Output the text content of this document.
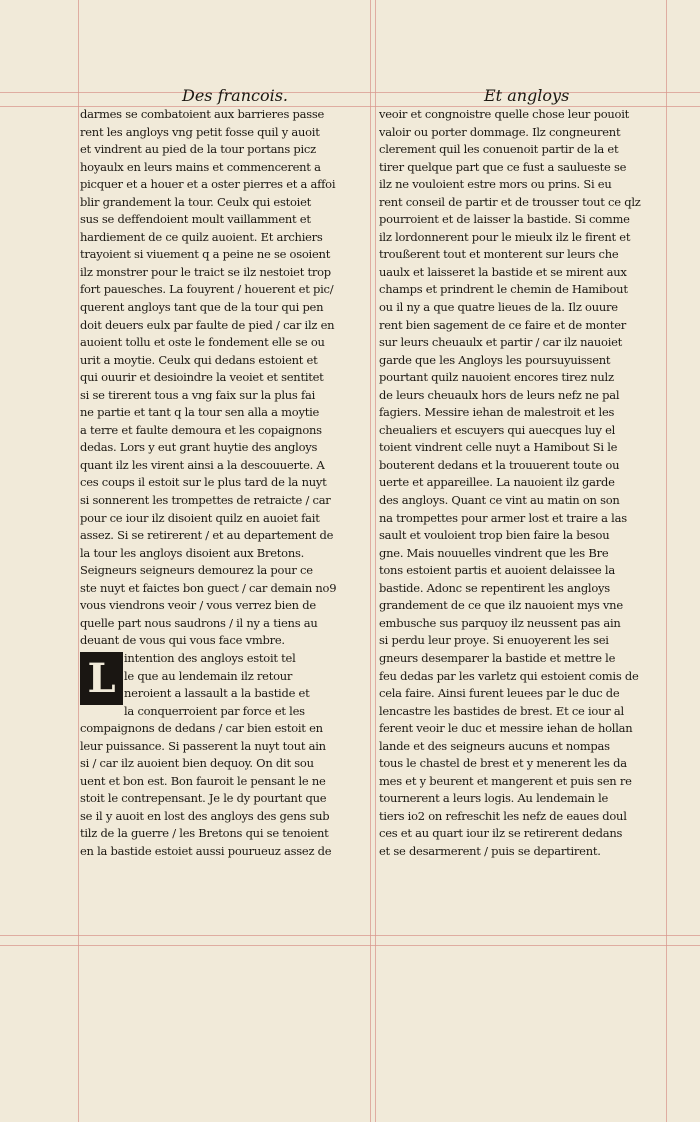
Des francois.	Et angloys
darmes se combatoient aux barrieres passe
rent les angloys vng petit fosse quil y auoit
et vindrent au pied de la tour portans picz
hoyaulx en leurs mains et commencerent a
picquer et a houer et a oster pierres et a affoi
blir grandement la tour. Ceulx qui estoiet
sus se deffendoient moult vaillamment et
hardiement de ce quilz auoient. Et archiers
trayoient si viuement q a peine ne se osoient
ilz monstrer pour le traict se ilz nestoiet trop
fort pauesches. La fouyrent / houerent et pic/
querent angloys tant que de la tour qui pen
doit deuers eulx par faulte de pied / car ilz en
auoient tollu et oste le fondement elle se ou
urit a moytie. Ceulx qui dedans estoient et
qui ouurir et desioindre la veoiet et sentitet
si se tirerent tous a vng faix sur la plus fai
ne partie et tant q la tour sen alla a moytie
a terre et faulte demoura et les copaignons
dedas. Lors y eut grant huytie des angloys
quant ilz les virent ainsi a la descouuerte. A
ces coups il estoit sur le plus tard de la nuyt
si sonnerent les trompettes de retraicte / car
pour ce iour ilz disoient quilz en auoiet fait
assez. Si se retirerent / et au departement de
la tour les angloys disoient aux Bretons.
Seigneurs seigneurs demourez la pour ce
ste nuyt et faictes bon guect / car demain no9
vous viendrons veoir / vous verrez bien de
quelle part nous saudrons / il ny a tiens au
deuant de vous qui vous face vmbre.
L intention des angloys estoit tel
le que au lendemain ilz retour
neroient a lassault a la bastide et
la conquerroient par force et les
compaignons de dedans / car bien estoit en
leur puissance. Si passerent la nuyt tout ain
si / car ilz auoient bien dequoy. On dit sou
uent et bon est. Bon fauroit le pensant le ne
stoit le contrepensant. Je le dy pourtant que
se il y auoit en lost des angloys des gens sub
tilz de la guerre / les Bretons qui se tenoient
en la bastide estoiet aussi pourueuz assez de
veoir et congnoistre quelle chose leur pouoit
valoir ou porter dommage. Ilz congneurent
clerement quil les conuenoit partir de la et
tirer quelque part que ce fust a saulueste se
ilz ne vouloient estre mors ou prins. Si eu
rent conseil de partir et de trousser tout ce qlz
pourroient et de laisser la bastide. Si comme
ilz lordonnerent pour le mieulx ilz le firent et
troußerent tout et monterent sur leurs che
uaulx et laisseret la bastide et se mirent aux
champs et prindrent le chemin de Hamibout
ou il ny a que quatre lieues de la. Ilz ouure
rent bien sagement de ce faire et de monter
sur leurs cheuaulx et partir / car ilz nauoiet
garde que les Angloys les poursuyuissent
pourtant quilz nauoient encores tirez nulz
de leurs cheuaulx hors de leurs nefz ne pal
fagiers. Messire iehan de malestroit et les
cheualiers et escuyers qui auecques luy el
toient vindrent celle nuyt a Hamibout Si le
bouterent dedans et la trouuerent toute ou
uerte et appareillee. La nauoient ilz garde
des angloys. Quant ce vint au matin on son
na trompettes pour armer lost et traire a las
sault et vouloient trop bien faire la besou
gne. Mais nouuelles vindrent que les Bre
tons estoient partis et auoient delaissee la
bastide. Adonc se repentirent les angloys
grandement de ce que ilz nauoient mys vne
embusche sus parquoy ilz neussent pas ain
si perdu leur proye. Si enuoyerent les sei
gneurs desemparer la bastide et mettre le
feu dedas par les varletz qui estoient comis de
cela faire. Ainsi furent leuees par le duc de
lencastre les bastides de brest. Et ce iour al
ferent veoir le duc et messire iehan de hollan
lande et des seigneurs aucuns et nompas
tous le chastel de brest et y menerent les da
mes et y beurent et mangerent et puis sen re
tournerent a leurs logis. Au lendemain le
tiers io2 on refreschit les nefz de eaues doul
ces et au quart iour ilz se retirerent dedans
et se desarmerent / puis se departirent.
